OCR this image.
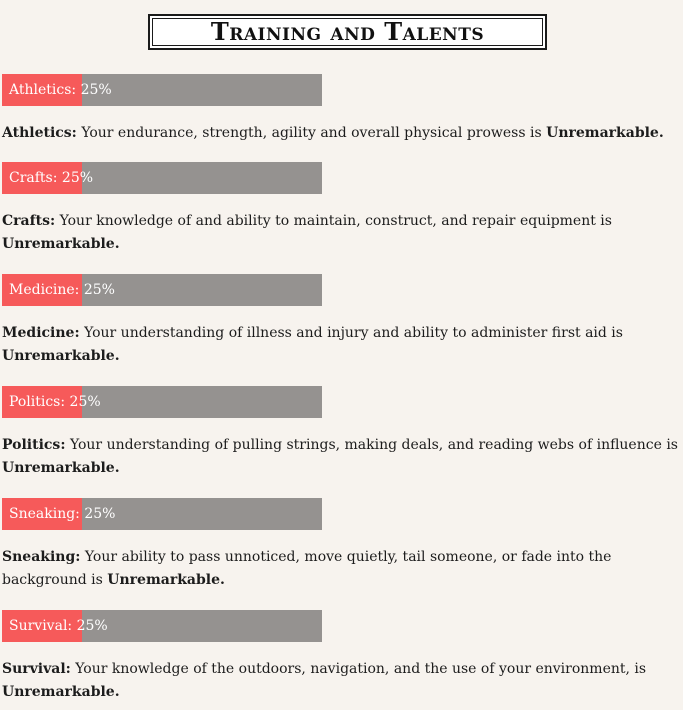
Training and Talents
Athletics: 25%

Athletics: Your endurance, strength, agility and overall physical prowess is Unremarkable.

Crafts: 25%

Crafts: Your knowledge of and ability to maintain, construct, and repair equipment is Unremarkable.

Medicine: 25%

Medicine: Your understanding of illness and injury and ability to administer first aid is Unremarkable.

Politics: 25%

Politics: Your understanding of pulling strings, making deals, and reading webs of influence is Unremarkable.

Sneaking: 25%

Sneaking: Your ability to pass unnoticed, move quietly, tail someone, or fade into the background is Unremarkable.

Survival: 25%

Survival: Your knowledge of the outdoors, navigation, and the use of your environment, is Unremarkable.
